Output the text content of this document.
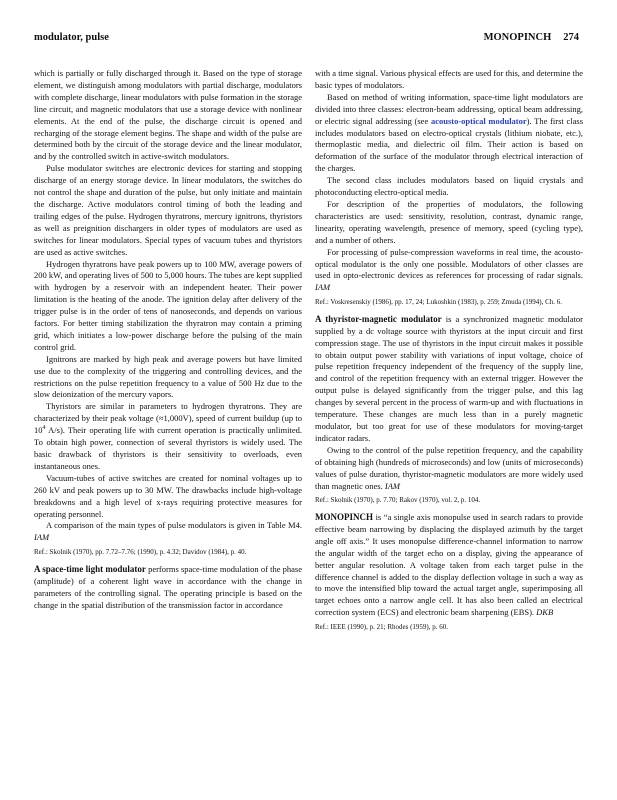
modulator, pulse	MONOPINCH 274

which is partially or fully discharged through it. Based on the type of storage element, we distinguish among modulators with partial discharge, modulators with complete discharge, linear modulators with pulse formation in the storage line circuit, and magnetic modulators that use a storage device with nonlinear elements. At the end of the pulse, the discharge circuit is opened and recharging of the storage element begins. The shape and width of the pulse are determined both by the circuit of the storage device and the linear modulator, and by the controlled switch in active-switch modulators.

Pulse modulator switches are electronic devices for starting and stopping discharge of an energy storage device. In linear modulators, the switches do not control the shape and duration of the pulse, but only initiate and maintain the discharge. Active modulators control timing of both the leading and trailing edges of the pulse. Hydrogen thyratrons, mercury ignitrons, thyristors as well as preignition dischargers in older types of modulators are used as switches for linear modulators. Special types of vacuum tubes and thyristors are used as active switches.

Hydrogen thyratrons have peak powers up to 100 MW, average powers of 200 kW, and operating lives of 500 to 5,000 hours. The tubes are kept supplied with hydrogen by a reservoir with an independent heater. Their power limitation is the heating of the anode. The ignition delay after delivery of the trigger pulse is in the order of tens of nanoseconds, and depends on various factors. For better timing stabilization the thyratron may contain a priming grid, which initiates a low-power discharge before the pulsing of the main control grid.

Ignitrons are marked by high peak and average powers but have limited use due to the complexity of the triggering and controlling devices, and the restrictions on the pulse repetition frequency to a value of 500 Hz due to the slow deionization of the mercury vapors.

Thyristors are similar in parameters to hydrogen thyratrons. They are characterized by their peak voltage (≈1,000V), speed of current buildup (up to $10^4$ A/s). Their operating life with current operation is practically unlimited. To obtain high power, connection of several thyristors is widely used. The basic drawback of thyristors is their sensitivity to overloads, even instantaneous ones.

Vacuum-tubes of active switches are created for nominal voltages up to 260 kV and peak powers up to 30 MW. The drawbacks include high-voltage breakdowns and a high level of x-rays requiring protective measures for operating personnel.

A comparison of the main types of pulse modulators is given in Table M4. IAM

Ref.: Skolnik (1970), pp. 7.72–7.76; (1990), p. 4.32; Davidov (1984), p. 40.

A space-time light modulator performs space-time modulation of the phase (amplitude) of a coherent light wave in accordance with the change in parameters of the controlling signal. The operating principle is based on the change in the spatial distribution of the transmission factor in accordance

with a time signal. Various physical effects are used for this, and determine the basic types of modulators.

Based on method of writing information, space-time light modulators are divided into three classes: electron-beam addressing, optical beam addressing, or electric signal addressing (see acousto-optical modulator). The first class includes modulators based on electro-optical crystals (lithium niobate, etc.), thermoplastic media, and dielectric oil film. Their action is based on deformation of the surface of the modulator through electrical interaction of the charges.

The second class includes modulators based on liquid crystals and photoconducting electro-optical media.

For description of the properties of modulators, the following characteristics are used: sensitivity, resolution, contrast, dynamic range, linearity, operating wavelength, presence of memory, speed (cycling type), and a number of others.

For processing of pulse-compression waveforms in real time, the acousto-optical modulator is the only one possible. Modulators of other classes are used in opto-electronic devices as references for processing of radar signals. IAM

Ref.: Voskresenskiy (1986), pp. 17, 24; Lukoshkin (1983), p. 259; Zmuda (1994), Ch. 6.

A thyristor-magnetic modulator is a synchronized magnetic modulator supplied by a dc voltage source with thyristors at the input circuit and first compression stage. The use of thyristors in the input circuit makes it possible to obtain output power stability with variations of input voltage, choice of pulse repetition frequency independent of the frequency of the supply line, and control of the repetition frequency with an external trigger. However the output pulse is delayed significantly from the trigger pulse, and this lag changes by several percent in the process of warm-up and with fluctuations in temperature. These changes are much less than in a purely magnetic modulator, but too great for use of these modulators for moving-target indicator radars.

Owing to the control of the pulse repetition frequency, and the capability of obtaining high (hundreds of microseconds) and low (units of microseconds) values of pulse duration, thyristor-magnetic modulators are more widely used than magnetic ones. IAM

Ref.: Skolnik (1970), p. 7.70; Rakov (1970), vol. 2, p. 104.

MONOPINCH is “a single axis monopulse used in search radars to provide effective beam narrowing by displacing the displayed azimuth by the target angle off axis.” It uses monopulse difference-channel information to narrow the angular width of the target echo on a display, giving the appearance of better angular resolution. A voltage taken from each target pulse in the difference channel is added to the display deflection voltage in such a way as to move the intensified blip toward the actual target angle, superimposing all target echoes onto a narrow angle cell. It has also been called an electrical correction system (ECS) and electronic beam sharpening (EBS). DKB

Ref.: IEEE (1990), p. 21; Rhodes (1959), p. 60.
